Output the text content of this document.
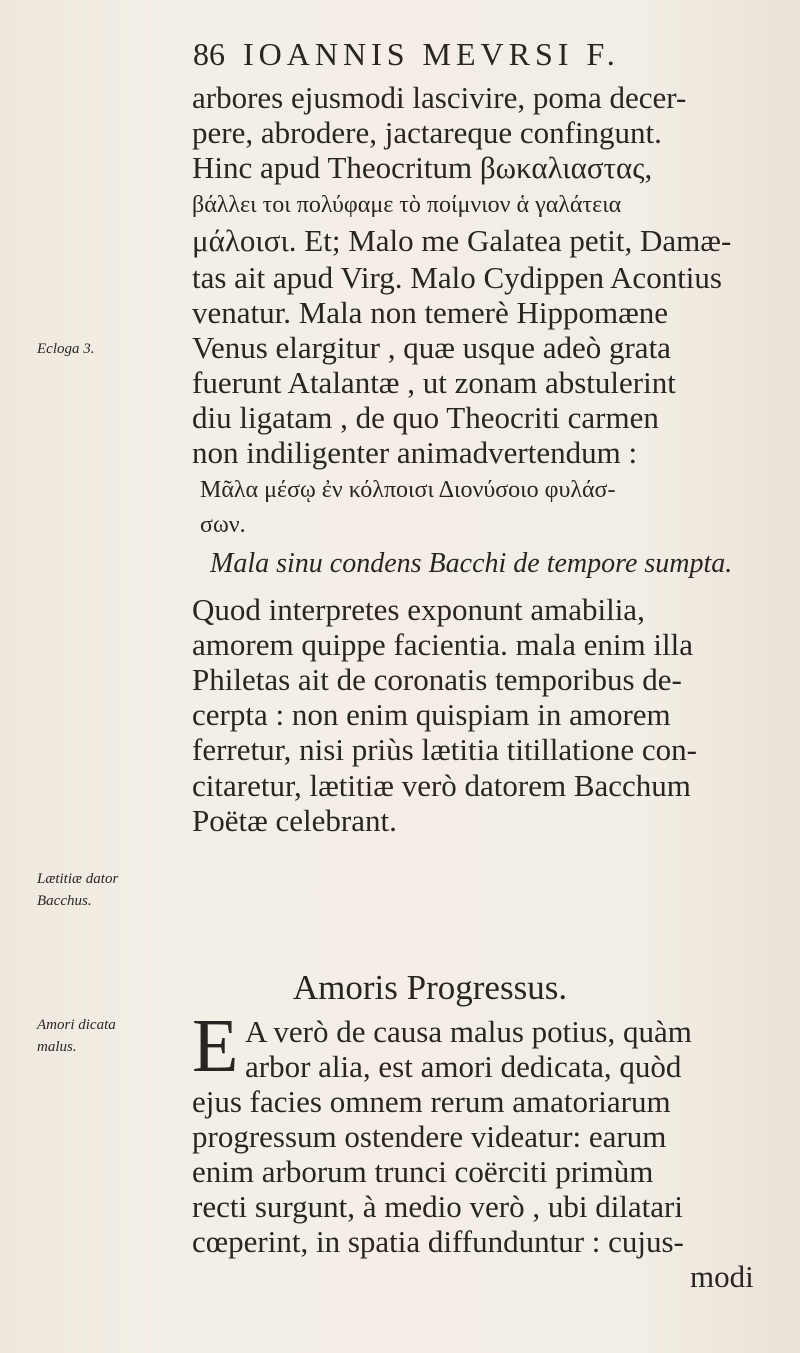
86 IOANNIS MEVRSI F.
Ecloga 3.
Lætitiæ dator
Bacchus.
Amori dicata
malus.
arbores ejusmodi lascivire, poma decer-
pere, abrodere, jactareque confingunt.
Hinc apud Theocritum βωκαλιαστας,
βάλλει τοι πολύφαμε τὸ ποίμνιον ἁ γαλάτεια
μάλοισι. Et; Malo me Galatea petit, Damæ-
tas ait apud Virg. Malo Cydippen Acontius
venatur. Mala non temerè Hippomæne
Venus elargitur , quæ usque adeò grata
fuerunt Atalantæ , ut zonam abstulerint
diu ligatam , de quo Theocriti carmen
non indiligenter animadvertendum :
Μᾶλα μέσῳ ἐν κόλποισι Διονύσοιο φυλάσ-
σων.
Mala sinu condens Bacchi de tempore sumpta.
Quod interpretes exponunt amabilia,
amorem quippe facientia. mala enim illa
Philetas ait de coronatis temporibus de-
cerpta : non enim quispiam in amorem
ferretur, nisi priùs lætitia titillatione con-
citaretur, lætitiæ verò datorem Bacchum
Poëtæ celebrant.
Amoris Progressus.
E A verò de causa malus potius, quàm
arbor alia, est amori dedicata, quòd
ejus facies omnem rerum amatoriarum
progressum ostendere videatur: earum
enim arborum trunci coërciti primùm
recti surgunt, à medio verò , ubi dilatari
cœperint, in spatia diffunduntur : cujus-
modi
